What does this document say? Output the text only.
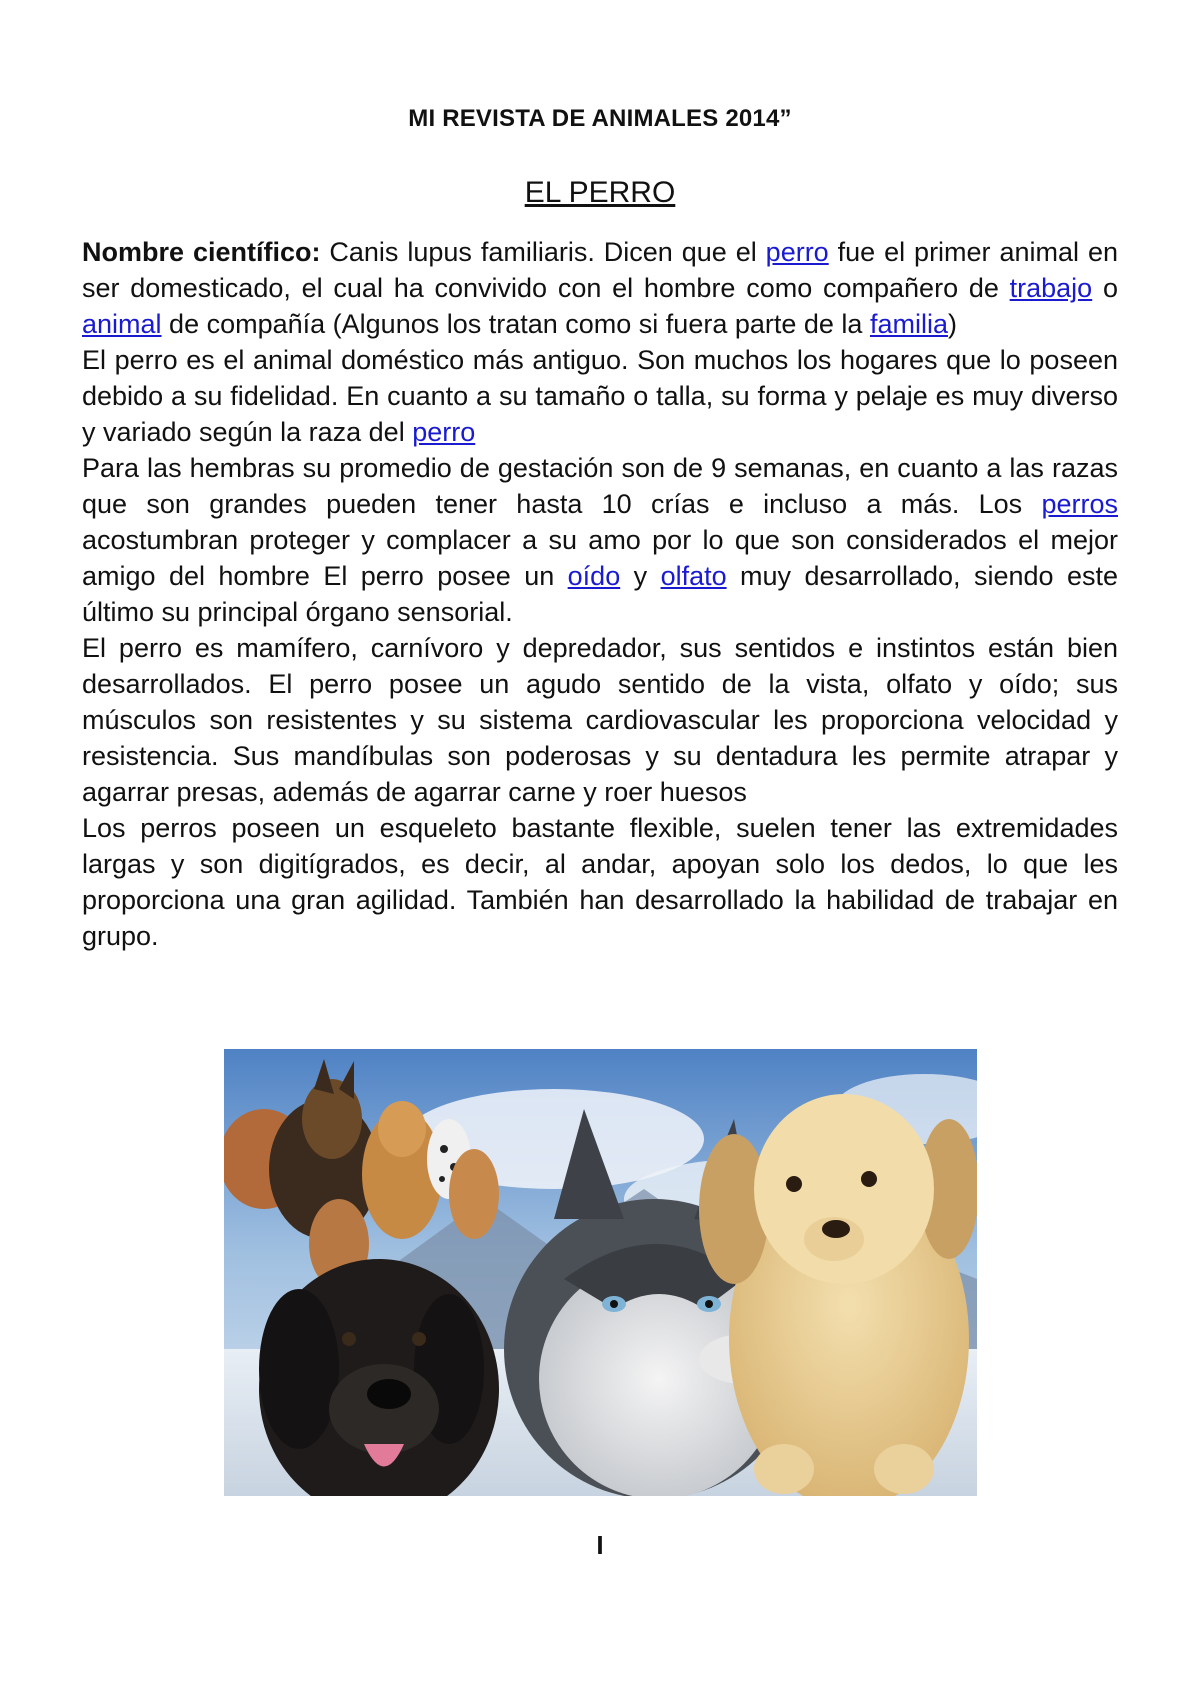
MI REVISTA DE ANIMALES 2014”
EL PERRO

Nombre científico: Canis lupus familiaris. Dicen que el perro fue el primer animal en ser domesticado, el cual ha convivido con el hombre como compañero de trabajo o animal de compañía (Algunos los tratan como si fuera parte de la familia)

El perro es el animal doméstico más antiguo. Son muchos los hogares que lo poseen debido a su fidelidad. En cuanto a su tamaño o talla, su forma y pelaje es muy diverso y variado según la raza del perro

Para las hembras su promedio de gestación son de 9 semanas, en cuanto a las razas que son grandes pueden tener hasta 10 crías e incluso a más. Los perros acostumbran proteger y complacer a su amo por lo que son considerados el mejor amigo del hombre El perro posee un oído y olfato muy desarrollado, siendo este último su principal órgano sensorial.

El perro es mamífero, carnívoro y depredador, sus sentidos e instintos están bien desarrollados. El perro posee un agudo sentido de la vista, olfato y oído; sus músculos son resistentes y su sistema cardiovascular les proporciona velocidad y resistencia. Sus mandíbulas son poderosas y su dentadura les permite atrapar y agarrar presas, además de agarrar carne y roer huesos

Los perros poseen un esqueleto bastante flexible, suelen tener las extremidades largas y son digitígrados, es decir, al andar, apoyan solo los dedos, lo que les proporciona una gran agilidad. También han desarrollado la habilidad de trabajar en grupo.

I
